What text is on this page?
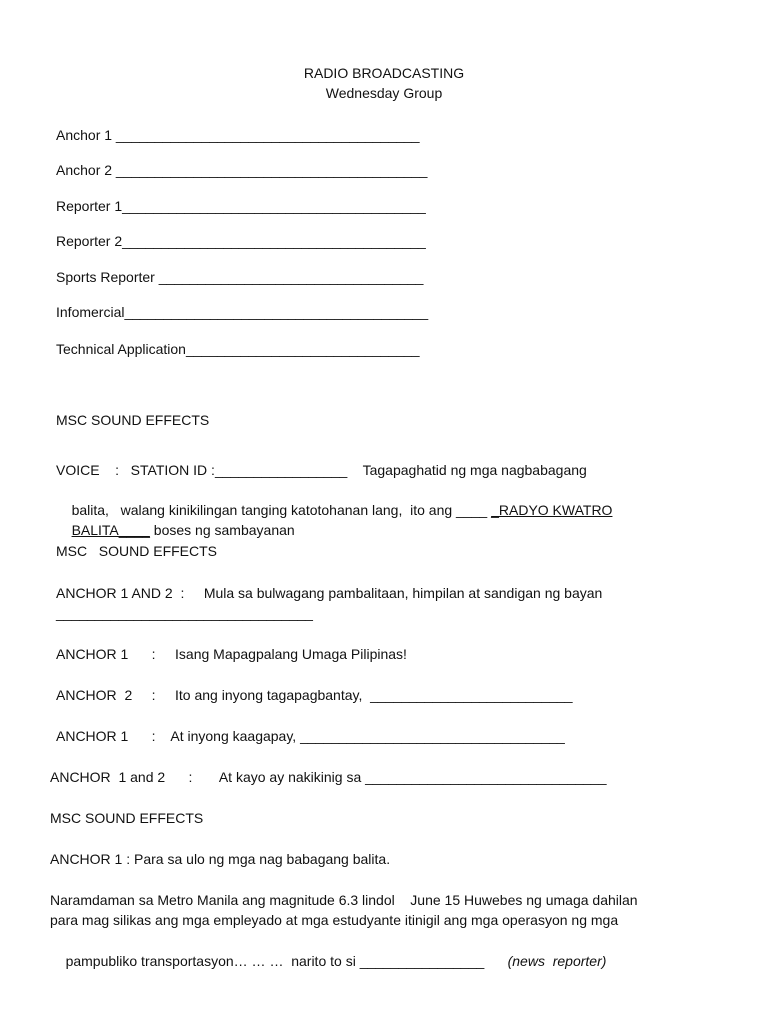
RADIO BROADCASTING
Wednesday Group
Anchor 1 _______________________________________
Anchor 2 ________________________________________
Reporter 1_______________________________________
Reporter 2_______________________________________
Sports Reporter __________________________________
Infomercial_______________________________________
Technical Application______________________________
MSC SOUND EFFECTS
VOICE    :   STATION ID :_________________    Tagapaghatid ng mga nagbabagang

balita,   walang kinikilingan tanging katotohanan lang,  ito ang ____ _RADYO KWATRO

BALITA____ boses ng sambayanan

MSC   SOUND EFFECTS
ANCHOR 1 AND 2  :     Mula sa bulwagang pambalitaan, himpilan at sandigan ng bayan
_________________________________
ANCHOR 1      :     Isang Mapagpalang Umaga Pilipinas!
ANCHOR  2     :     Ito ang inyong tagapagbantay,  __________________________
ANCHOR 1      :    At inyong kaagapay, __________________________________
ANCHOR  1 and 2      :       At kayo ay nakikinig sa _______________________________
MSC SOUND EFFECTS
ANCHOR 1 : Para sa ulo ng mga nag babagang balita.
Naramdaman sa Metro Manila ang magnitude 6.3 lindol    June 15 Huwebes ng umaga dahilan
para mag silikas ang mga empleyado at mga estudyante itinigil ang mga operasyon ng mga

pampubliko transportasyon… … …  narito to si ________________      (news  reporter)
